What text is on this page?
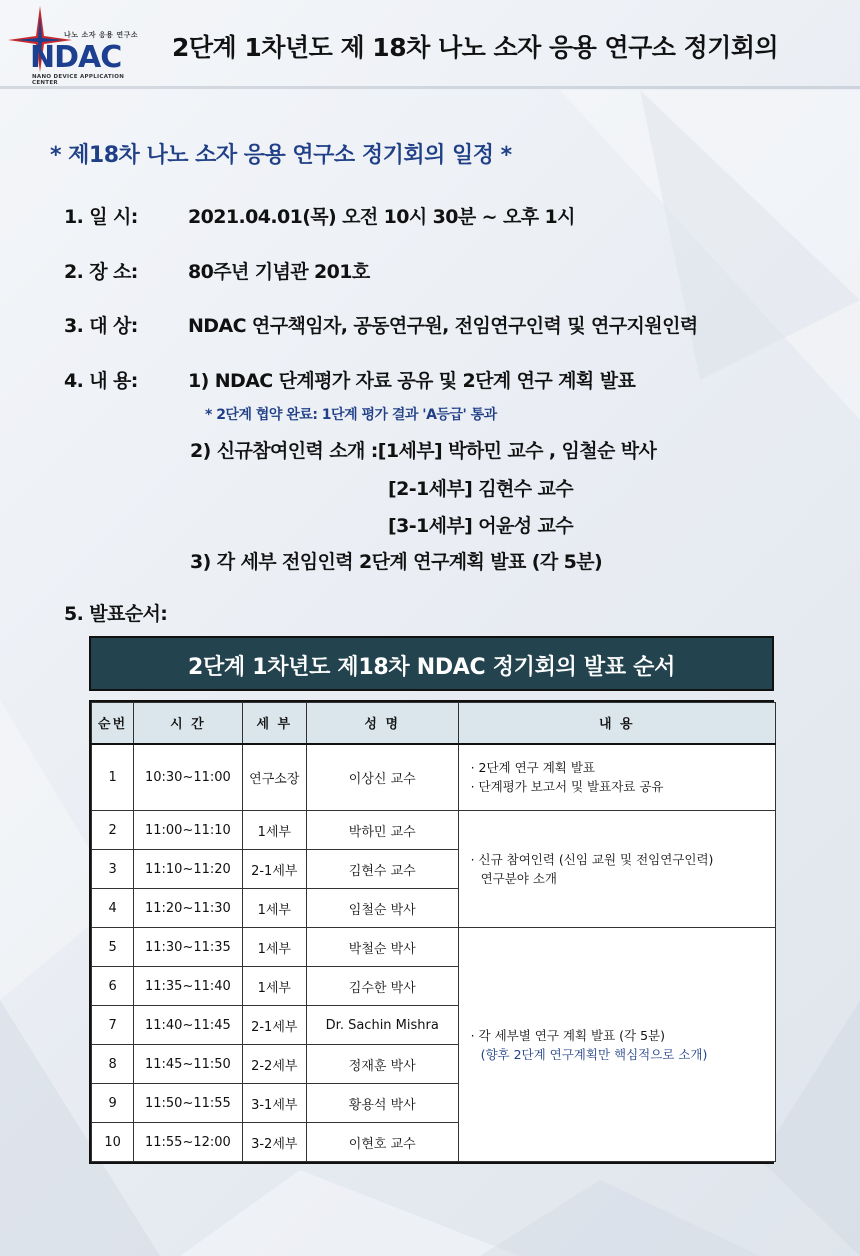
나노 소자 응용 연구소
NDAC
NANO DEVICE APPLICATION CENTER
2단계 1차년도 제 18차 나노 소자 응용 연구소 정기회의
* 제18차 나노 소자 응용 연구소 정기회의 일정 *
1. 일 시:	2021.04.01(목) 오전 10시 30분 ~ 오후 1시
2. 장 소:	80주년 기념관 201호
3. 대 상:	NDAC 연구책임자, 공동연구원, 전임연구인력 및 연구지원인력
4. 내 용:	1) NDAC 단계평가 자료 공유 및 2단계 연구 계획 발표
* 2단계 협약 완료: 1단계 평가 결과 'A등급' 통과
2) 신규참여인력 소개 :[1세부] 박하민 교수 , 임철순 박사
[2-1세부] 김현수 교수
[3-1세부] 어윤성 교수
3) 각 세부 전임인력 2단계 연구계획 발표 (각 5분)
5. 발표순서:
2단계 1차년도 제18차 NDAC 정기회의 발표 순서
순번	시 간	세 부	성 명	내 용
1	10:30~11:00	연구소장	이상신 교수	· 2단계 연구 계획 발표
· 단계평가 보고서 및 발표자료 공유

2	11:00~11:10	1세부	박하민 교수	· 신규 참여인력 (신임 교원 및 전임연구인력)
연구분야 소개

3	11:10~11:20	2-1세부	김현수 교수	
4	11:20~11:30	1세부	임철순 박사	
5	11:30~11:35	1세부	박철순 박사	· 각 세부별 연구 계획 발표 (각 5분)
(향후 2단계 연구계획만 핵심적으로 소개)

6	11:35~11:40	1세부	김수한 박사	
7	11:40~11:45	2-1세부	Dr. Sachin Mishra	
8	11:45~11:50	2-2세부	정재훈 박사	
9	11:50~11:55	3-1세부	황용석 박사	
10	11:55~12:00	3-2세부	이현호 교수	
